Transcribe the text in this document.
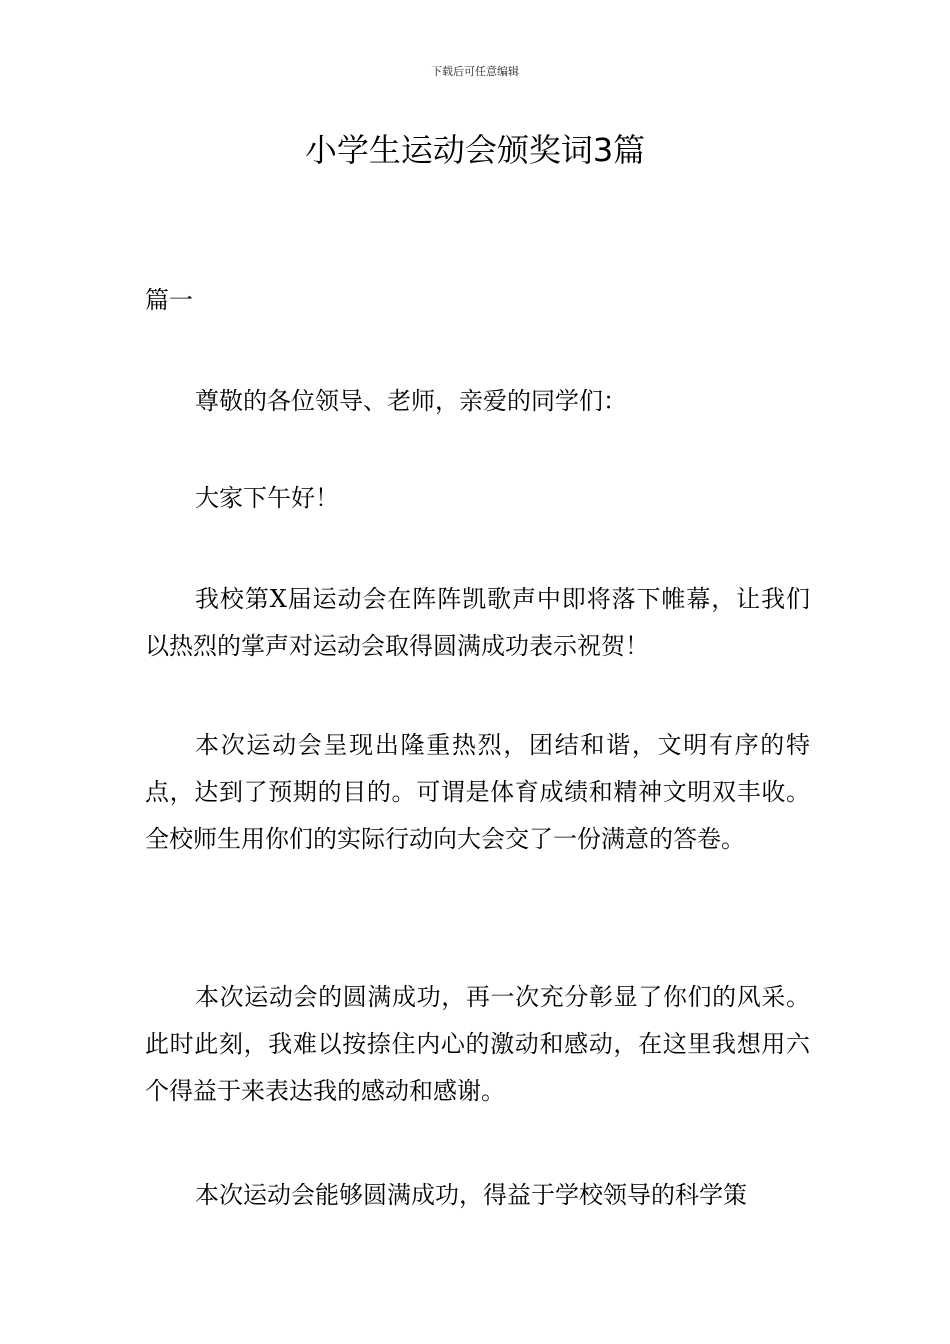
下载后可任意编辑
小学生运动会颁奖词3篇
篇一

尊敬的各位领导、老师，亲爱的同学们：

大家下午好！

我校第X届运动会在阵阵凯歌声中即将落下帷幕，让我们以热烈的掌声对运动会取得圆满成功表示祝贺！

本次运动会呈现出隆重热烈，团结和谐，文明有序的特点，达到了预期的目的。可谓是体育成绩和精神文明双丰收。全校师生用你们的实际行动向大会交了一份满意的答卷。

本次运动会的圆满成功，再一次充分彰显了你们的风采。此时此刻，我难以按捺住内心的激动和感动，在这里我想用六个得益于来表达我的感动和感谢。

本次运动会能够圆满成功，得益于学校领导的科学策
